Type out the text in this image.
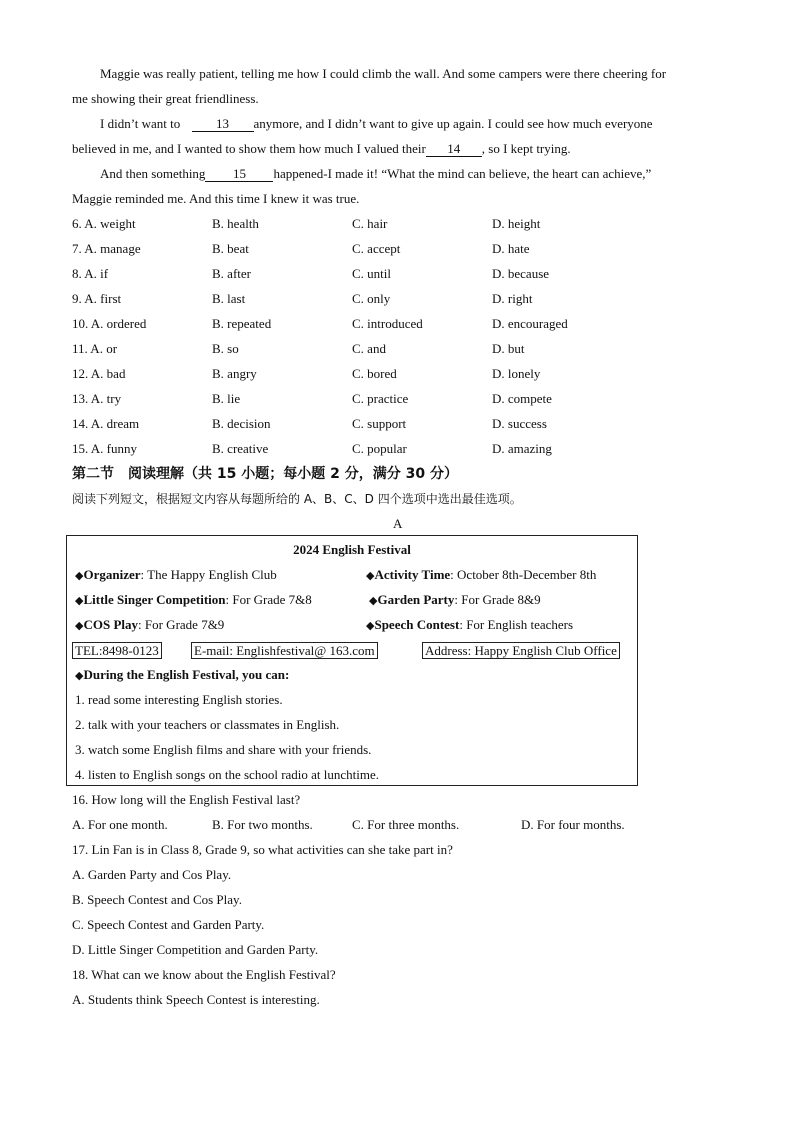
Maggie was really patient, telling me how I could climb the wall. And some campers were there cheering for
me showing their great friendliness.
I didn’t want to	13 anymore, and I didn’t want to give up again. I could see how much everyone
believed in me, and I wanted to show them how much I valued their 14 , so I kept trying.
And then something 15 happened-I made it! “What the mind can believe, the heart can achieve,”
Maggie reminded me. And this time I knew it was true.
6. A. weight	B. health	C. hair	D. height
7. A. manage	B. beat	C. accept	D. hate
8. A. if	B. after	C. until	D. because
9. A. first	B. last	C. only	D. right
10. A. ordered	B. repeated	C. introduced	D. encouraged
11. A. or	B. so	C. and	D. but
12. A. bad	B. angry	C. bored	D. lonely
13. A. try	B. lie	C. practice	D. compete
14. A. dream	B. decision	C. support	D. success
15. A. funny	B. creative	C. popular	D. amazing
第二节　阅读理解（共 15 小题；每小题 2 分，满分 30 分）
阅读下列短文，根据短文内容从每题所给的 A、B、C、D 四个选项中选出最佳选项。
A
2024 English Festival
◆Organizer: The Happy English Club	◆Activity Time: October 8th-December 8th
◆Little Singer Competition: For Grade 7&8	◆Garden Party: For Grade 8&9
◆COS Play: For Grade 7&9	◆Speech Contest: For English teachers
TEL:8498-0123	E-mail: Englishfestival@ 163.com	Address: Happy English Club Office
◆During the English Festival, you can:
1. read some interesting English stories.
2. talk with your teachers or classmates in English.
3. watch some English films and share with your friends.
4. listen to English songs on the school radio at lunchtime.
16. How long will the English Festival last?
A. For one month.	B. For two months.	C. For three months.	D. For four months.
17. Lin Fan is in Class 8, Grade 9, so what activities can she take part in?
A. Garden Party and Cos Play.
B. Speech Contest and Cos Play.
C. Speech Contest and Garden Party.
D. Little Singer Competition and Garden Party.
18. What can we know about the English Festival?
A. Students think Speech Contest is interesting.
